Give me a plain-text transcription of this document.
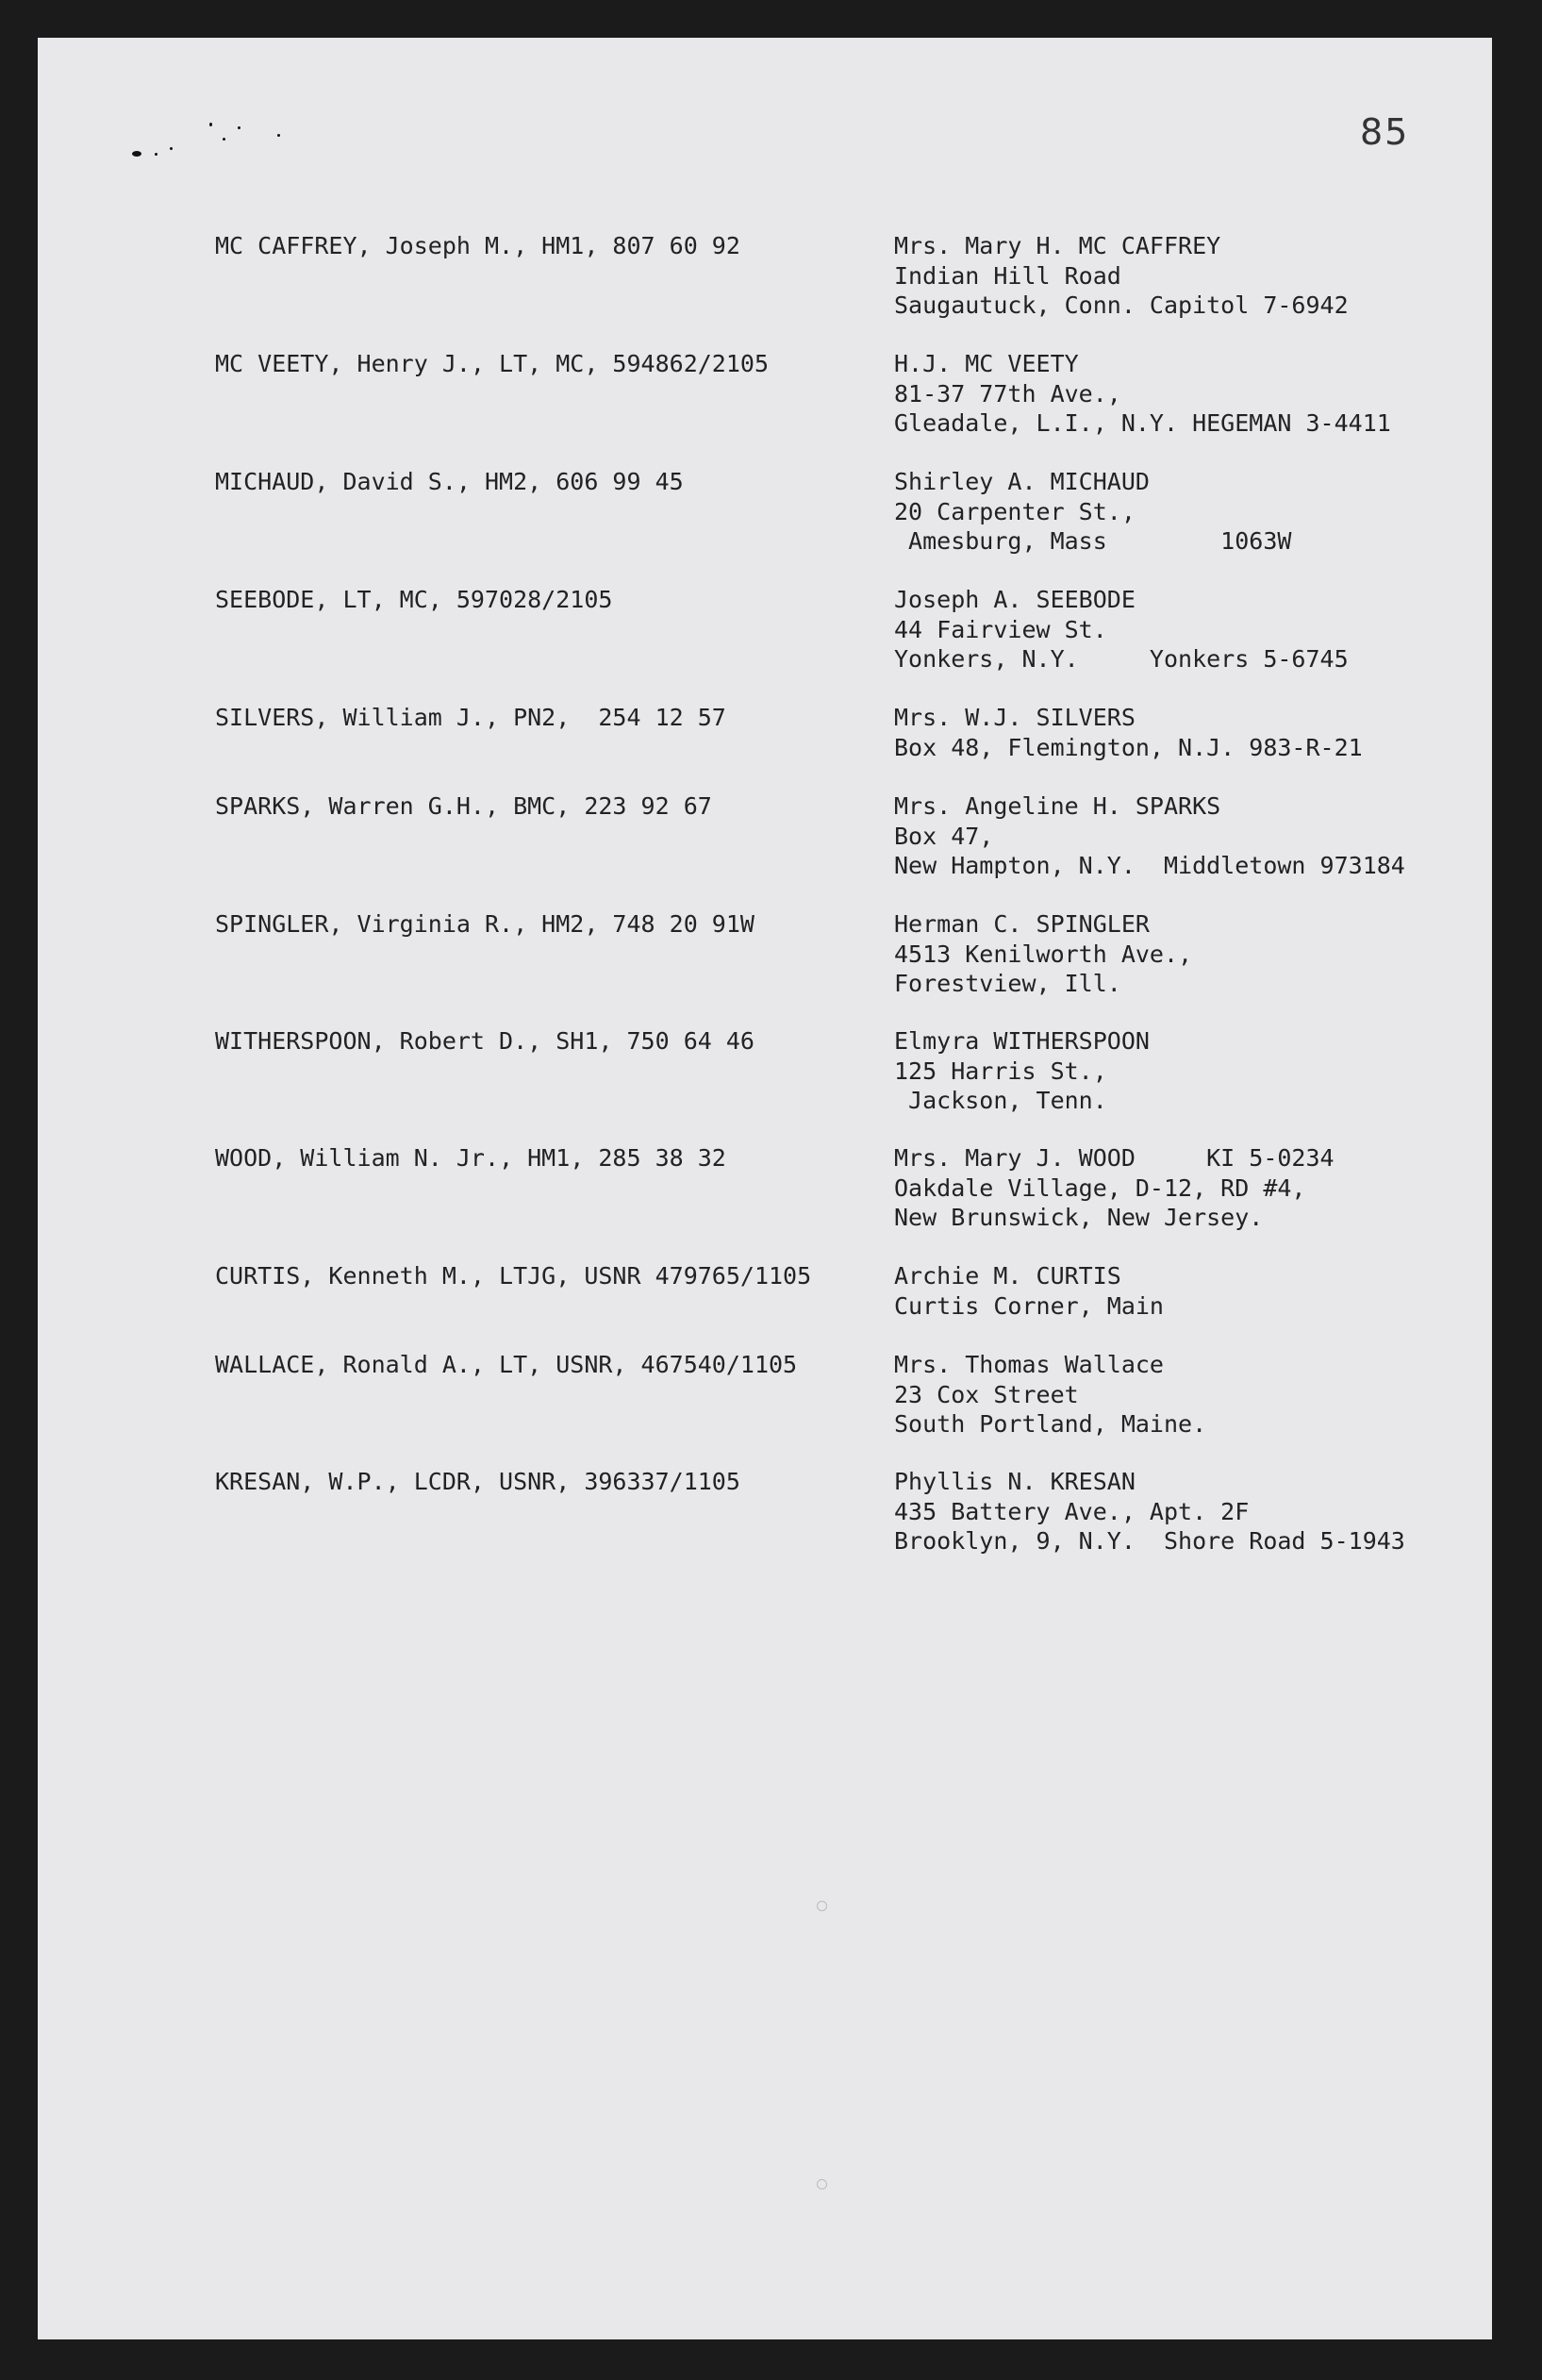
85
MC CAFFREY, Joseph M., HM1, 807 60 92	Mrs. Mary H. MC CAFFREY
Indian Hill Road
Saugautuck, Conn. Capitol 7-6942
MC VEETY, Henry J., LT, MC, 594862/2105	H.J. MC VEETY
81-37 77th Ave.,
Gleadale, L.I., N.Y. HEGEMAN 3-4411
MICHAUD, David S., HM2, 606 99 45	Shirley A. MICHAUD
20 Carpenter St.,
Amesburg, Mass        1063W
SEEBODE, LT, MC, 597028/2105	Joseph A. SEEBODE
44 Fairview St.
Yonkers, N.Y.     Yonkers 5-6745
SILVERS, William J., PN2,  254 12 57	Mrs. W.J. SILVERS
Box 48, Flemington, N.J. 983-R-21
SPARKS, Warren G.H., BMC, 223 92 67	Mrs. Angeline H. SPARKS
Box 47,
New Hampton, N.Y.  Middletown 973184
SPINGLER, Virginia R., HM2, 748 20 91W	Herman C. SPINGLER
4513 Kenilworth Ave.,
Forestview, Ill.
WITHERSPOON, Robert D., SH1, 750 64 46	Elmyra WITHERSPOON
125 Harris St.,
Jackson, Tenn.
WOOD, William N. Jr., HM1, 285 38 32	Mrs. Mary J. WOOD     KI 5-0234
Oakdale Village, D-12, RD #4,
New Brunswick, New Jersey.
CURTIS, Kenneth M., LTJG, USNR 479765/1105	Archie M. CURTIS
Curtis Corner, Main
WALLACE, Ronald A., LT, USNR, 467540/1105	Mrs. Thomas Wallace
23 Cox Street
South Portland, Maine.
KRESAN, W.P., LCDR, USNR, 396337/1105	Phyllis N. KRESAN
435 Battery Ave., Apt. 2F
Brooklyn, 9, N.Y.  Shore Road 5-1943
